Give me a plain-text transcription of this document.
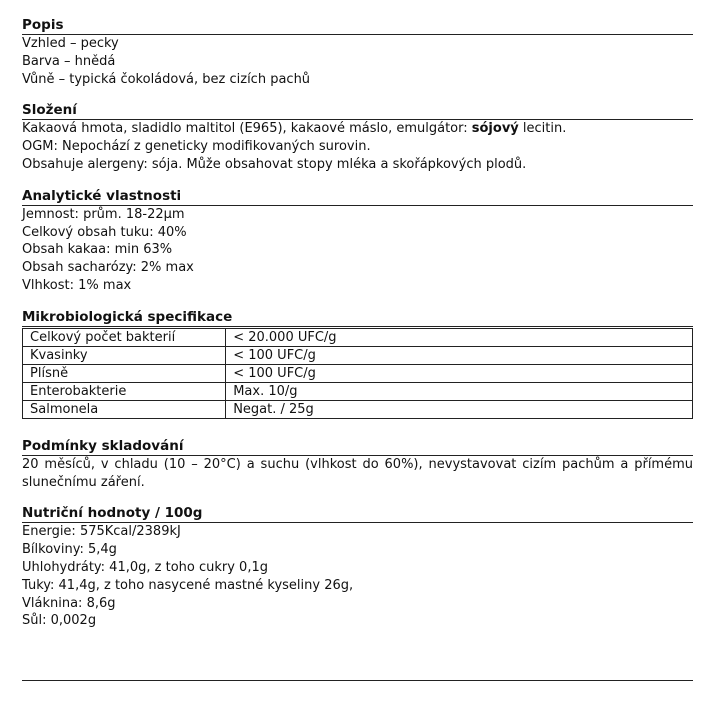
Popis
Vzhled – pecky
Barva – hnědá
Vůně – typická čokoládová, bez cizích pachů
Složení
Kakaová hmota, sladidlo maltitol (E965), kakaové máslo, emulgátor: sójový lecitin.
OGM: Nepochází z geneticky modifikovaných surovin.
Obsahuje alergeny: sója. Může obsahovat stopy mléka a skořápkových plodů.
Analytické vlastnosti
Jemnost: prům. 18-22µm
Celkový obsah tuku: 40%
Obsah kakaa: min 63%
Obsah sacharózy: 2% max
Vlhkost: 1% max
Mikrobiologická specifikace
Celkový počet bakterií	< 20.000 UFC/g
Kvasinky	< 100 UFC/g
Plísně	< 100 UFC/g
Enterobakterie	Max. 10/g
Salmonela	Negat. / 25g
Podmínky skladování
20 měsíců, v chladu (10 – 20°C) a suchu (vlhkost do 60%), nevystavovat cizím pachům a přímému slunečnímu záření.
Nutriční hodnoty / 100g
Energie: 575Kcal/2389kJ
Bílkoviny: 5,4g
Uhlohydráty: 41,0g, z toho cukry 0,1g
Tuky: 41,4g, z toho nasycené mastné kyseliny 26g,
Vláknina: 8,6g
Sůl: 0,002g
